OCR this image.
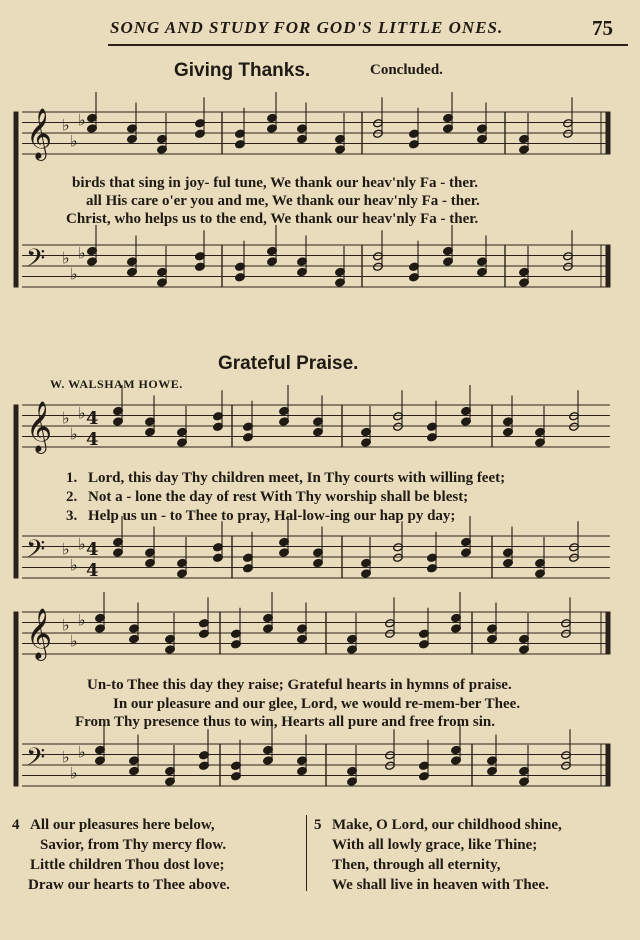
SONG AND STUDY FOR GOD'S LITTLE ONES.	75
Giving Thanks.	Concluded.
𝄞 ♭
♭
♭
𝄢 ♭
♭
♭
𝄞 ♭
♭
♭
𝄢 ♭
♭
♭
𝄞 ♭
♭
♭
𝄢 ♭
♭
♭
4
4
4
4
birds that sing in joy- ful tune, We thank our heav'nly Fa - ther.
all His care o'er you and me, We thank our heav'nly Fa - ther.
Christ, who helps us to the end, We thank our heav'nly Fa - ther.
Grateful Praise.
W. WALSHAM HOWE.
1. Lord, this day Thy children meet, In Thy courts with willing feet;
2. Not a - lone the day of rest With Thy worship shall be blest;
3. Help us un - to Thee to pray, Hal-low-ing our hap py day;
Un-to Thee this day they raise; Grateful hearts in hymns of praise.
In our pleasure and our glee, Lord, we would re-mem-ber Thee.
From Thy presence thus to win, Hearts all pure and free from sin.
4 All our pleasures here below,
Savior, from Thy mercy flow.
Little children Thou dost love;
Draw our hearts to Thee above.
5 Make, O Lord, our childhood shine,
With all lowly grace, like Thine;
Then, through all eternity,
We shall live in heaven with Thee.
